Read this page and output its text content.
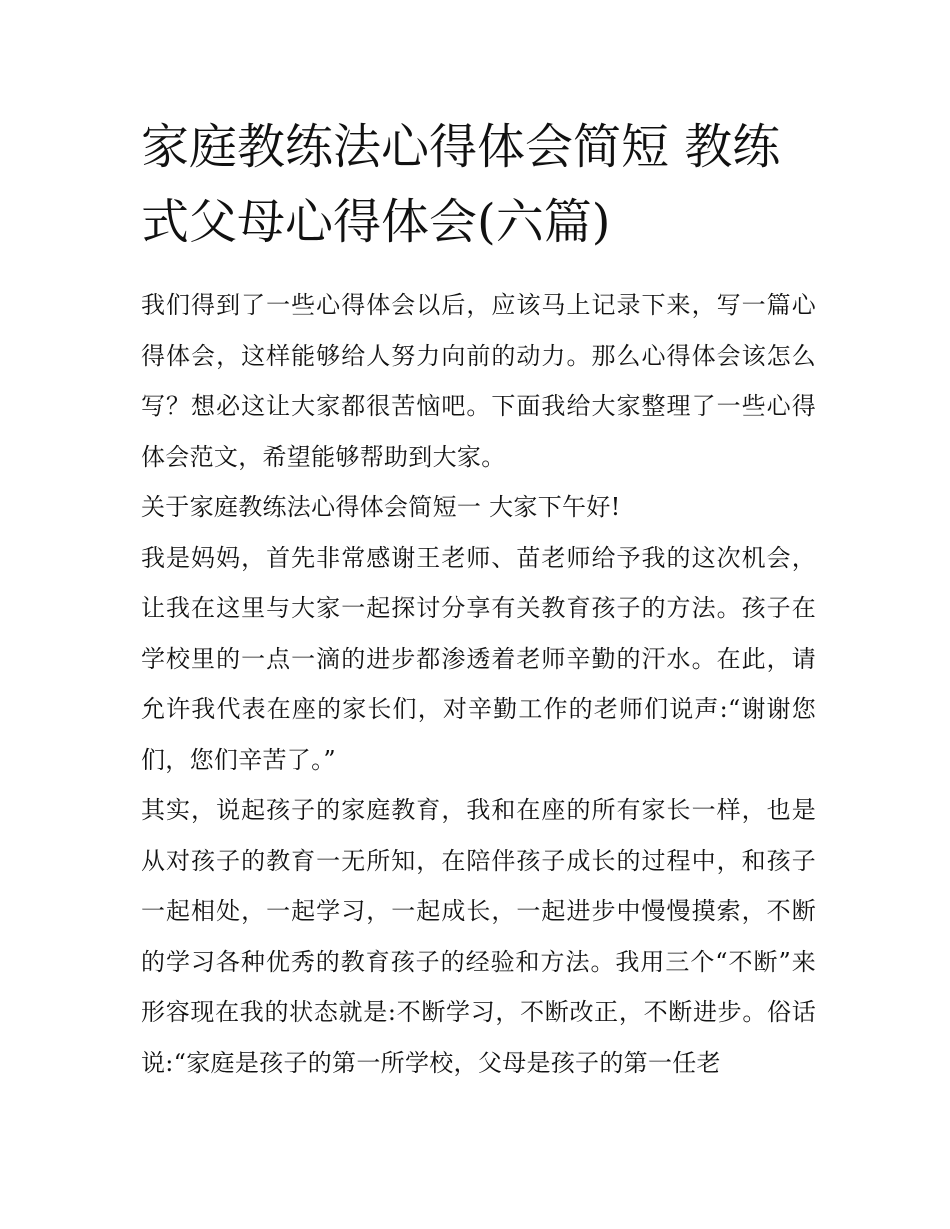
家庭教练法心得体会简短 教练式父母心得体会(六篇)

我们得到了一些心得体会以后，应该马上记录下来，写一篇心得体会，这样能够给人努力向前的动力。那么心得体会该怎么写？想必这让大家都很苦恼吧。下面我给大家整理了一些心得体会范文，希望能够帮助到大家。

关于家庭教练法心得体会简短一 大家下午好!

我是妈妈，首先非常感谢王老师、苗老师给予我的这次机会，让我在这里与大家一起探讨分享有关教育孩子的方法。孩子在学校里的一点一滴的进步都渗透着老师辛勤的汗水。在此，请允许我代表在座的家长们，对辛勤工作的老师们说声:“谢谢您们，您们辛苦了。”

其实，说起孩子的家庭教育，我和在座的所有家长一样，也是从对孩子的教育一无所知，在陪伴孩子成长的过程中，和孩子一起相处，一起学习，一起成长，一起进步中慢慢摸索，不断的学习各种优秀的教育孩子的经验和方法。我用三个“不断”来形容现在我的状态就是:不断学习，不断改正，不断进步。俗话说:“家庭是孩子的第一所学校，父母是孩子的第一任老
